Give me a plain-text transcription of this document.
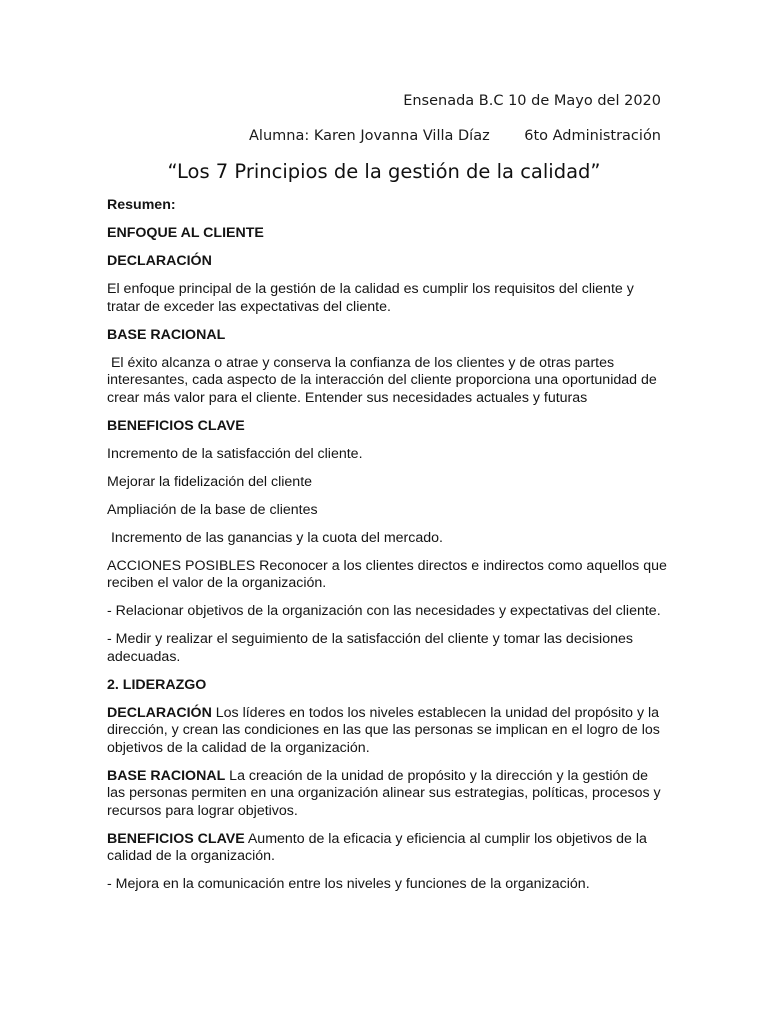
Ensenada B.C 10 de Mayo del 2020
Alumna: Karen Jovanna Villa Díaz 6to Administración
“Los 7 Principios de la gestión de la calidad”

Resumen:

ENFOQUE AL CLIENTE

DECLARACIÓN

El enfoque principal de la gestión de la calidad es cumplir los requisitos del cliente y tratar de exceder las expectativas del cliente.

BASE RACIONAL

El éxito alcanza o atrae y conserva la confianza de los clientes y de otras partes interesantes, cada aspecto de la interacción del cliente proporciona una oportunidad de crear más valor para el cliente. Entender sus necesidades actuales y futuras

BENEFICIOS CLAVE

Incremento de la satisfacción del cliente.

Mejorar la fidelización del cliente

Ampliación de la base de clientes

Incremento de las ganancias y la cuota del mercado.

ACCIONES POSIBLES Reconocer a los clientes directos e indirectos como aquellos que reciben el valor de la organización.

- Relacionar objetivos de la organización con las necesidades y expectativas del cliente.

- Medir y realizar el seguimiento de la satisfacción del cliente y tomar las decisiones adecuadas.

2. LIDERAZGO

DECLARACIÓN Los líderes en todos los niveles establecen la unidad del propósito y la dirección, y crean las condiciones en las que las personas se implican en el logro de los objetivos de la calidad de la organización.

BASE RACIONAL La creación de la unidad de propósito y la dirección y la gestión de las personas permiten en una organización alinear sus estrategias, políticas, procesos y recursos para lograr objetivos.

BENEFICIOS CLAVE Aumento de la eficacia y eficiencia al cumplir los objetivos de la calidad de la organización.

- Mejora en la comunicación entre los niveles y funciones de la organización.
